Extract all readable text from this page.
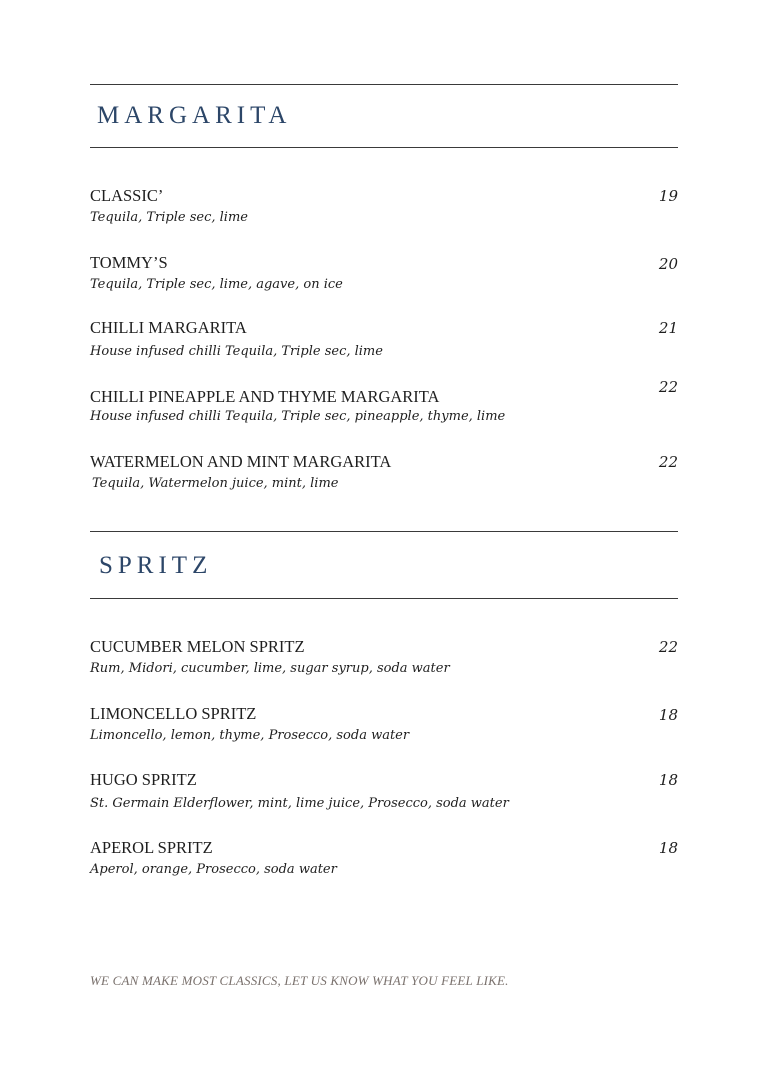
MARGARITA
CLASSIC’	19
Tequila, Triple sec, lime
TOMMY’S	20
Tequila, Triple sec, lime, agave, on ice
CHILLI MARGARITA	21
House infused chilli Tequila, Triple sec, lime
CHILLI PINEAPPLE AND THYME MARGARITA	22
House infused chilli Tequila, Triple sec, pineapple, thyme, lime
WATERMELON AND MINT MARGARITA	22
Tequila, Watermelon juice, mint, lime
SPRITZ
CUCUMBER MELON SPRITZ	22
Rum, Midori, cucumber, lime, sugar syrup, soda water
LIMONCELLO SPRITZ	18
Limoncello, lemon, thyme, Prosecco, soda water
HUGO SPRITZ	18
St. Germain Elderflower, mint, lime juice, Prosecco, soda water
APEROL SPRITZ	18
Aperol, orange, Prosecco, soda water
WE CAN MAKE MOST CLASSICS, LET US KNOW WHAT YOU FEEL LIKE.
